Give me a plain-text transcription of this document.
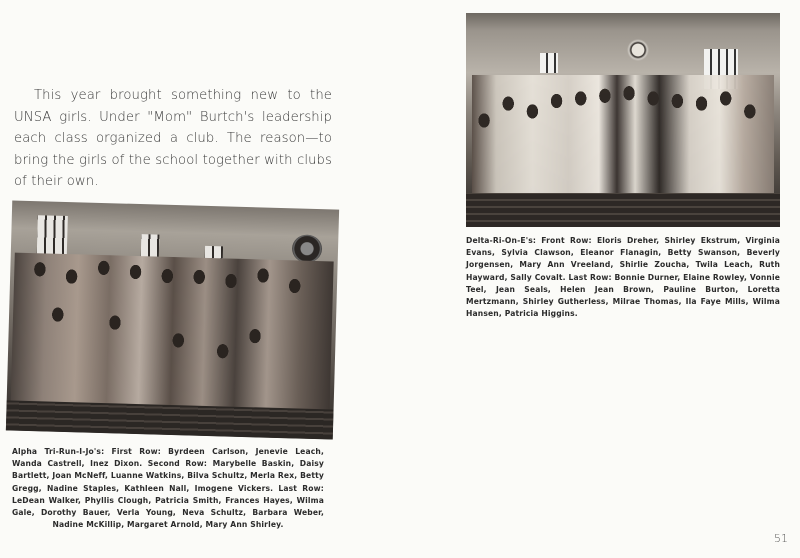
This year brought something new to the UNSA girls. Under "Mom" Burtch's leadership each class organized a club. The reason—to bring the girls of the school together with clubs of their own.

Alpha Tri-Run-I-Jo's: First Row: Byrdeen Carlson, Jenevie Leach, Wanda Castrell, Inez Dixon. Second Row: Marybelle Baskin, Daisy Bartlett, Joan McNeff, Luanne Watkins, Bilva Schultz, Merla Rex, Betty Gregg, Nadine Staples, Kathleen Nall, Imogene Vickers. Last Row: LeDean Walker, Phyllis Clough, Patricia Smith, Frances Hayes, Wilma Gale, Dorothy Bauer, Verla Young, Neva Schultz, Barbara Weber, Nadine McKillip, Margaret Arnold, Mary Ann Shirley.
Delta-Ri-On-E's: Front Row: Eloris Dreher, Shirley Ekstrum, Virginia Evans, Sylvia Clawson, Eleanor Flanagin, Betty Swanson, Beverly Jorgensen, Mary Ann Vreeland, Shirlie Zoucha, Twila Leach, Ruth Hayward, Sally Covalt. Last Row: Bonnie Durner, Elaine Rowley, Vonnie Teel, Jean Seals, Helen Jean Brown, Pauline Burton, Loretta Mertzmann, Shirley Gutherless, Milrae Thomas, Ila Faye Mills, Wilma Hansen, Patricia Higgins.
51
